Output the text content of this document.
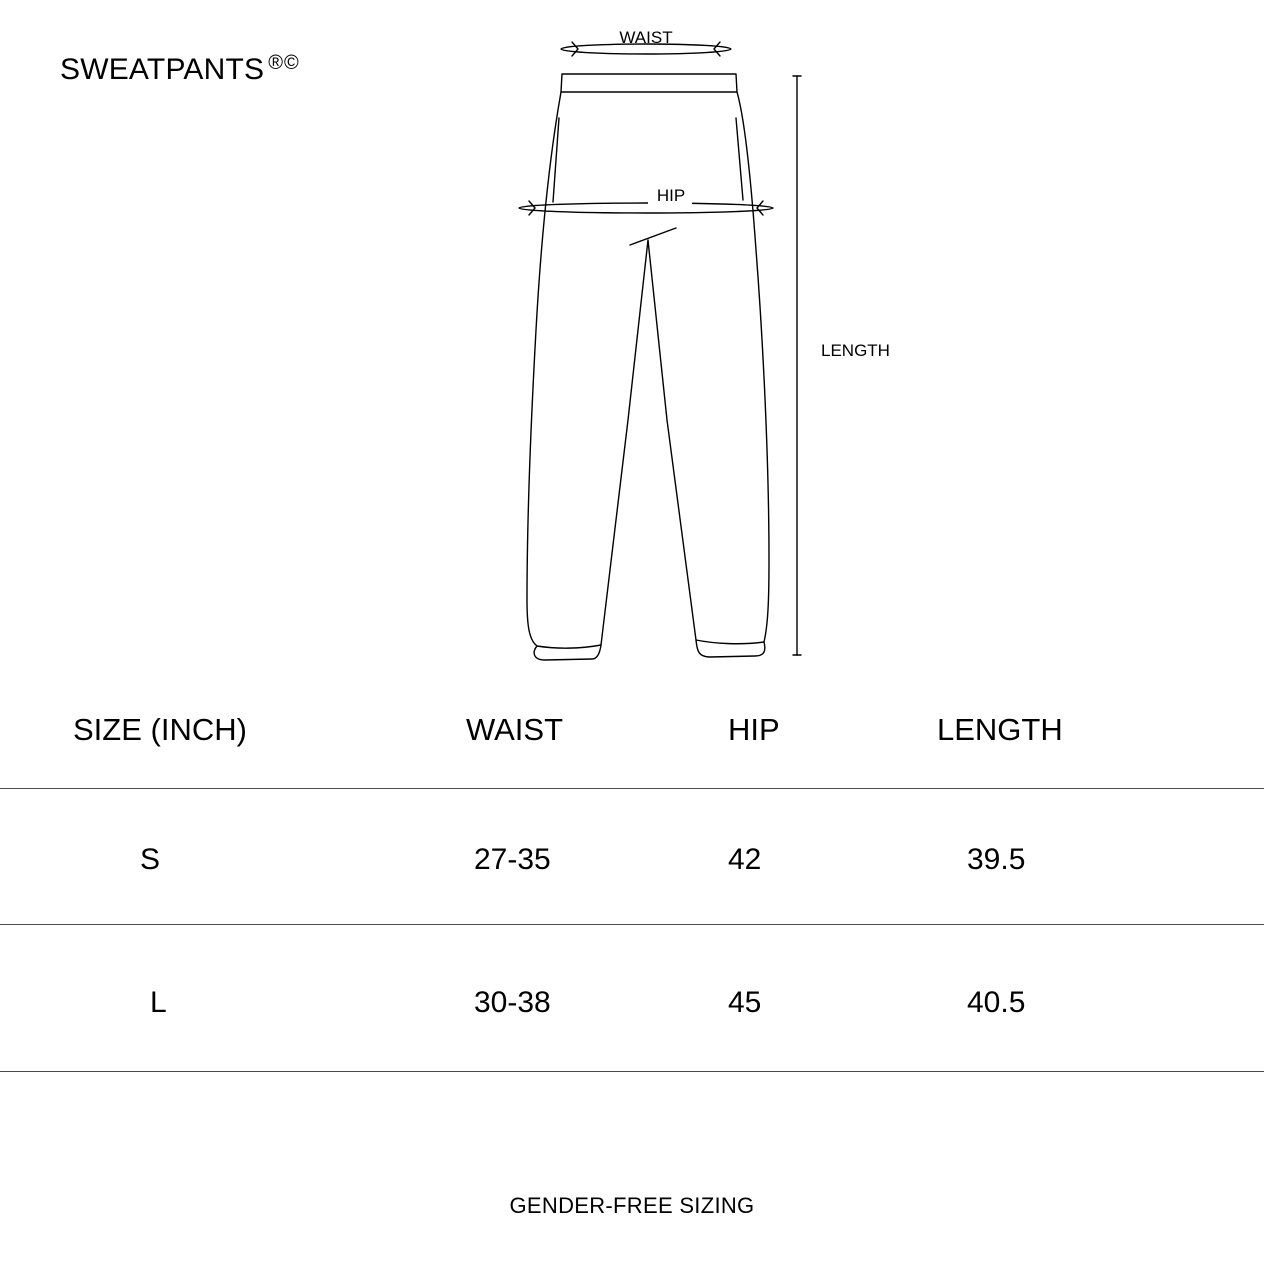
SWEATPANTS ®©
WAIST
HIP
LENGTH
SIZE (INCH)	WAIST	HIP	LENGTH
S	27-35	42	39.5
L	30-38	45	40.5
GENDER-FREE SIZING
